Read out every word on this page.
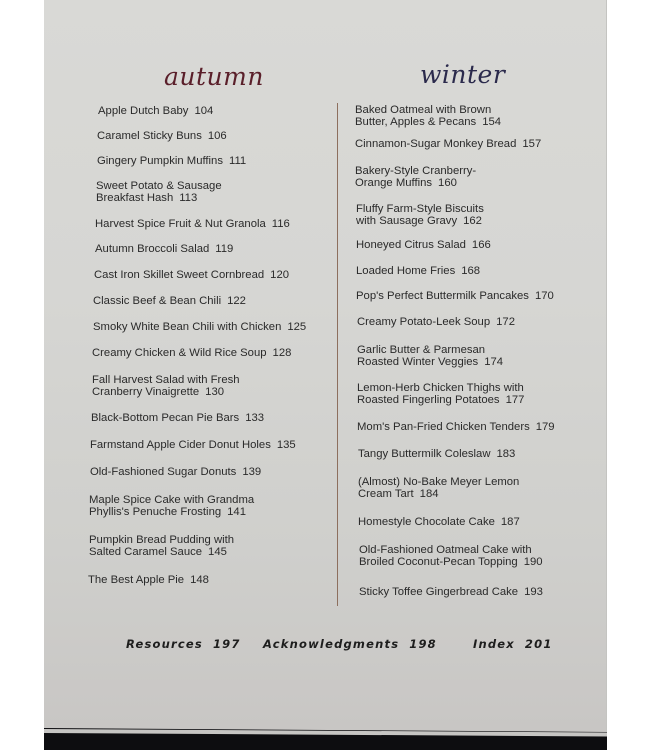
autumn	winter
Apple Dutch Baby 104
Caramel Sticky Buns 106
Gingery Pumpkin Muffins 111
Sweet Potato & Sausage
Breakfast Hash 113
Harvest Spice Fruit & Nut Granola 116
Autumn Broccoli Salad 119
Cast Iron Skillet Sweet Cornbread 120
Classic Beef & Bean Chili 122
Smoky White Bean Chili with Chicken 125
Creamy Chicken & Wild Rice Soup 128
Fall Harvest Salad with Fresh
Cranberry Vinaigrette 130
Black-Bottom Pecan Pie Bars 133
Farmstand Apple Cider Donut Holes 135
Old-Fashioned Sugar Donuts 139
Maple Spice Cake with Grandma
Phyllis's Penuche Frosting 141
Pumpkin Bread Pudding with
Salted Caramel Sauce 145
The Best Apple Pie 148
Baked Oatmeal with Brown
Butter, Apples & Pecans 154
Cinnamon-Sugar Monkey Bread 157
Bakery-Style Cranberry-
Orange Muffins 160
Fluffy Farm-Style Biscuits
with Sausage Gravy 162
Honeyed Citrus Salad 166
Loaded Home Fries 168
Pop's Perfect Buttermilk Pancakes 170
Creamy Potato-Leek Soup 172
Garlic Butter & Parmesan
Roasted Winter Veggies 174
Lemon-Herb Chicken Thighs with
Roasted Fingerling Potatoes 177
Mom's Pan-Fried Chicken Tenders 179
Tangy Buttermilk Coleslaw 183
(Almost) No-Bake Meyer Lemon
Cream Tart 184
Homestyle Chocolate Cake 187
Old-Fashioned Oatmeal Cake with
Broiled Coconut-Pecan Topping 190
Sticky Toffee Gingerbread Cake 193
Resources 197 Acknowledgments 198	Index 201
